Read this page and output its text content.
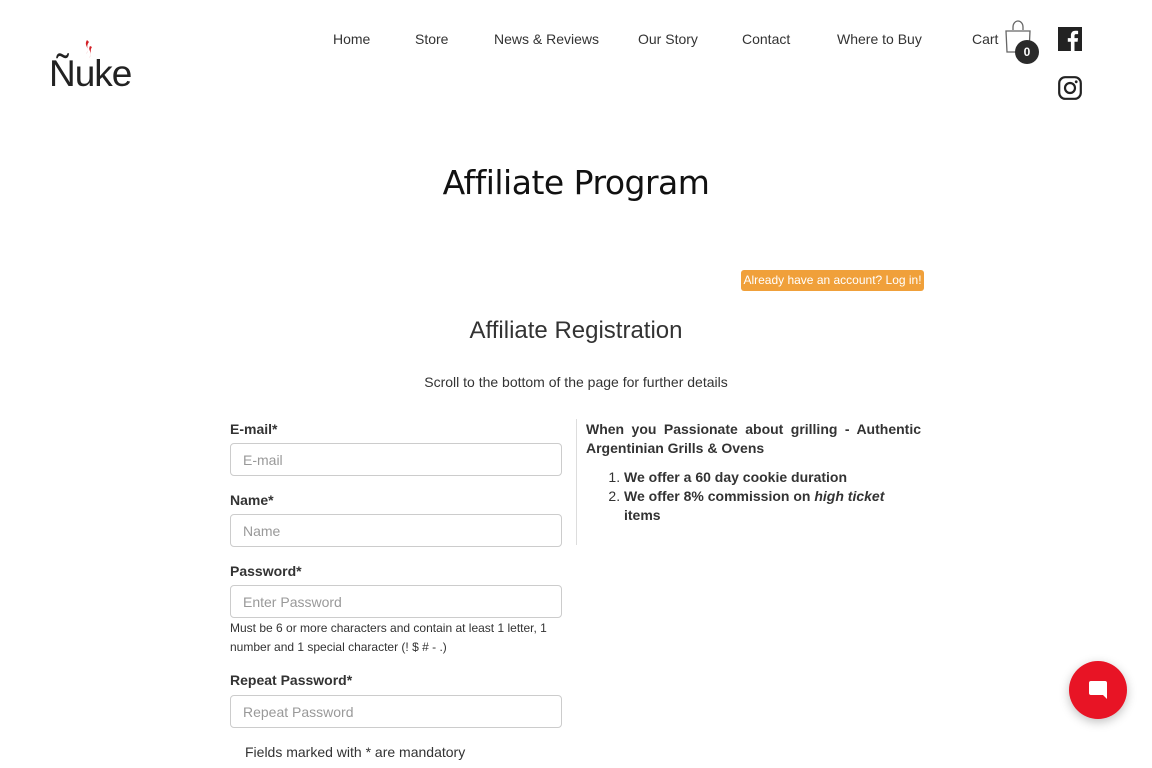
Ñuke
Home	Store	News & Reviews	Our Story	Contact	Where to Buy	Cart
0
Affiliate Program
Already have an account? Log in!
Affiliate Registration

Scroll to the bottom of the page for further details

E-mail*
E-mail
Name*
Name
Password*

Must be 6 or more characters and contain at least 1 letter, 1 number and 1 special character (! $ # - .)

Repeat Password*

Fields marked with * are mandatory

When you Passionate about grilling - Authentic Argentinian Grills & Ovens

1. We offer a 60 day cookie duration
2. We offer 8% commission on high ticket items
